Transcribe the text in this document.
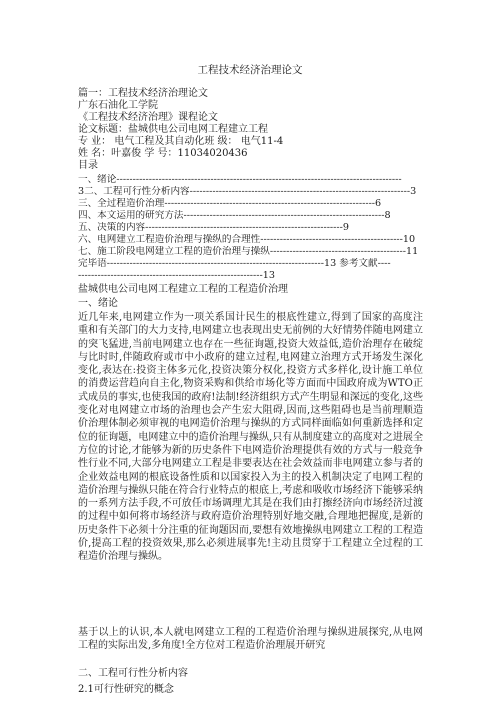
工程技术经济治理论文
篇一：工程技术经济治理论文
广东石油化工学院
《工程技术经济治理》课程论文
论文标题：盐城供电公司电网工程建立工程
专 业： 电气工程及其自动化班 级： 电气11-4
姓 名：叶嘉俊 学 号：11034020436
目录
一、绪论----------------------------------------------------------------------------------------
3二、工程可行性分析内容--------------------------------------------------------------------3
三、全过程造价治理-----------------------------------------------------------------6
四、本文运用的研究方法--------------------------------------------------------------8
五、决策的内容-------------------------------------------------------------9
六、电网建立工程造价治理与操纵的合理性--------------------------------------------10
七、施工阶段电网建立工程的造价治理与操纵------------------------------------------11
完毕语-------------------------------------------------------------------13 参考文献----
---------------------------------------------------------13
盐城供电公司电网工程建立工程的工程造价治理
一、绪论
近几年来,电网建立作为一项关系国计民生的根底性建立,得到了国家的高度注重和有关部门的大力支持,电网建立也表现出史无前例的大好情势伴随电网建立的突飞猛进,当前电网建立也存在一些征询题,投资大效益低,造价治理存在破绽与比时时,伴随政府或市中小政府的建立过程,电网建立治理方式开场发生深化变化,表达在:投资主体多元化,投资决策分权化,投资方式多样化,设计施工单位的消费运营趋向自主化,物资采购和供给市场化等方面而中国政府成为WTO正式成员的事实,也使我国的政府!法制!经济组织方式产生明显和深远的变化,这些变化对电网建立市场的治理也会产生宏大阻碍,因而,这些阻碍也是当前理顺造价治理体制必须审视的电网造价治理与操纵的方式同样面临如何重新选择和定位的征询题，电网建立中的造价治理与操纵,只有从制度建立的高度对之进展全方位的讨论,才能够为新的历史条件下电网造价治理提供有效的方式与一般竞争性行业不同,大部分电网建立工程是非要表达在社会效益而非电网建立参与者的企业效益电网的根底设备性质和以国家投入为主的投入机制决定了电网工程的造价治理与操纵只能在符合行业特点的根底上,考虑和吸收市场经济下能够采纳的一系列方法手段,不可放任市场调理尤其是在我们由打擦经济向市场经济过渡的过程中如何将市场经济与政府造价治理特别好地交融,合理地把握度,是新的历史条件下必须十分注重的征询题因而,要想有效地操纵电网建立工程的工程造价,提高工程的投资效果,那么必须进展事先!主动且贯穿于工程建立全过程的工程造价治理与操纵。
基于以上的认识,本人就电网建立工程的工程造价治理与操纵进展探究,从电网工程的实际出发,多角度!全方位对工程造价治理展开研究
二、工程可行性分析内容
2.1可行性研究的概念
